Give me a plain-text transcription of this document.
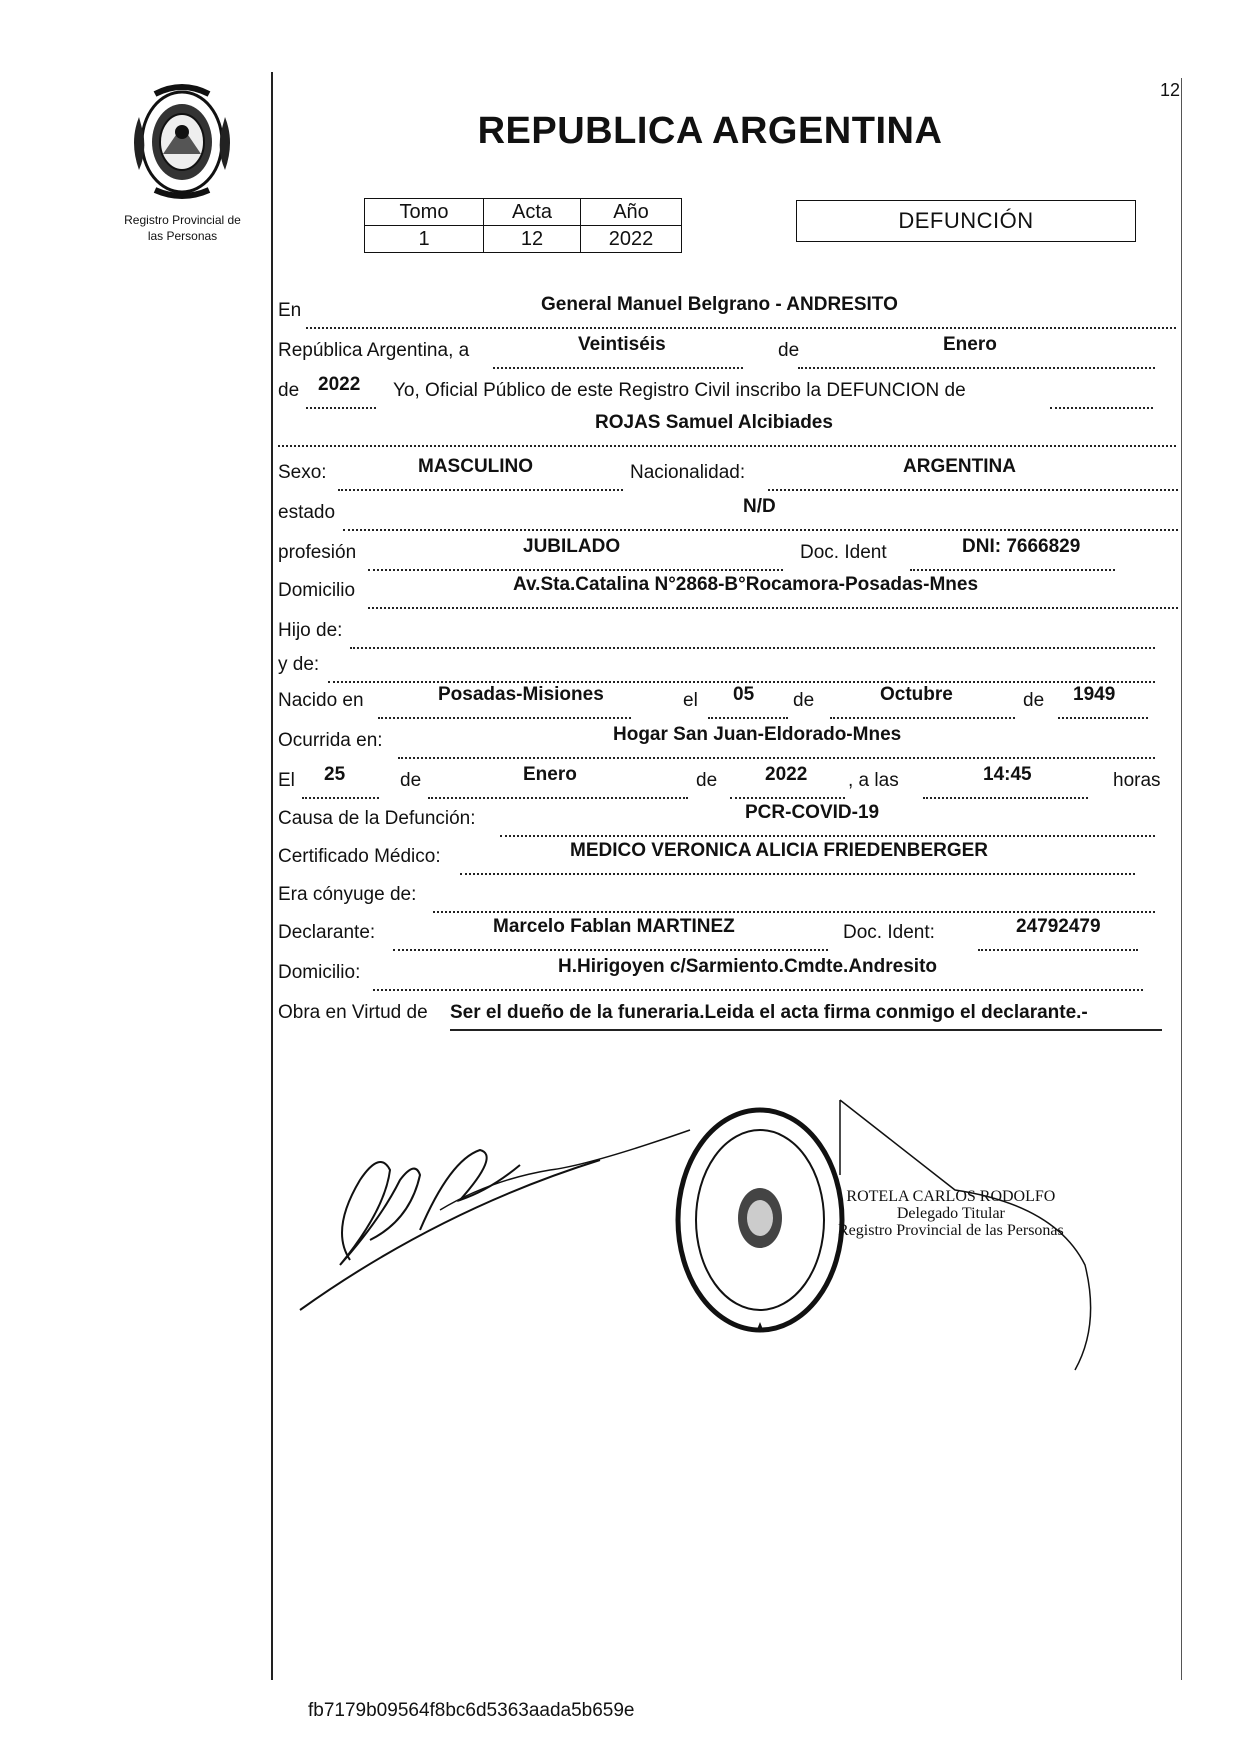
12
Registro Provincial de
las Personas
REPUBLICA ARGENTINA
Tomo	Acta	Año
1	12	2022
DEFUNCIÓN
En	General Manuel Belgrano - ANDRESITO
República Argentina, a	Veintiséis	de	Enero
de 2022 Yo, Oficial Público de este Registro Civil inscribo la DEFUNCION de
ROJAS Samuel Alcibiades
Sexo:	MASCULINO	Nacionalidad:	ARGENTINA
estado	N/D
profesión	JUBILADO	Doc. Ident	DNI: 7666829
Domicilio	Av.Sta.Catalina N°2868-B°Rocamora-Posadas-Mnes
Hijo de:
y de:
Nacido en	Posadas-Misiones	el 05 de	Octubre	de 1949
Ocurrida en:	Hogar San Juan-Eldorado-Mnes
El 25	de	Enero	de	2022 , a las	14:45	horas
Causa de la Defunción:	PCR-COVID-19
Certificado Médico:	MEDICO VERONICA ALICIA FRIEDENBERGER
Era cónyuge de:
Declarante:	Marcelo Fablan MARTINEZ	Doc. Ident:	24792479
Domicilio:	H.Hirigoyen c/Sarmiento.Cmdte.Andresito
Obra en Virtud de Ser el dueño de la funeraria.Leida el acta firma conmigo el declarante.-
ROTELA CARLOS RODOLFO
Delegado Titular
Registro Provincial de las Personas
fb7179b09564f8bc6d5363aada5b659e
